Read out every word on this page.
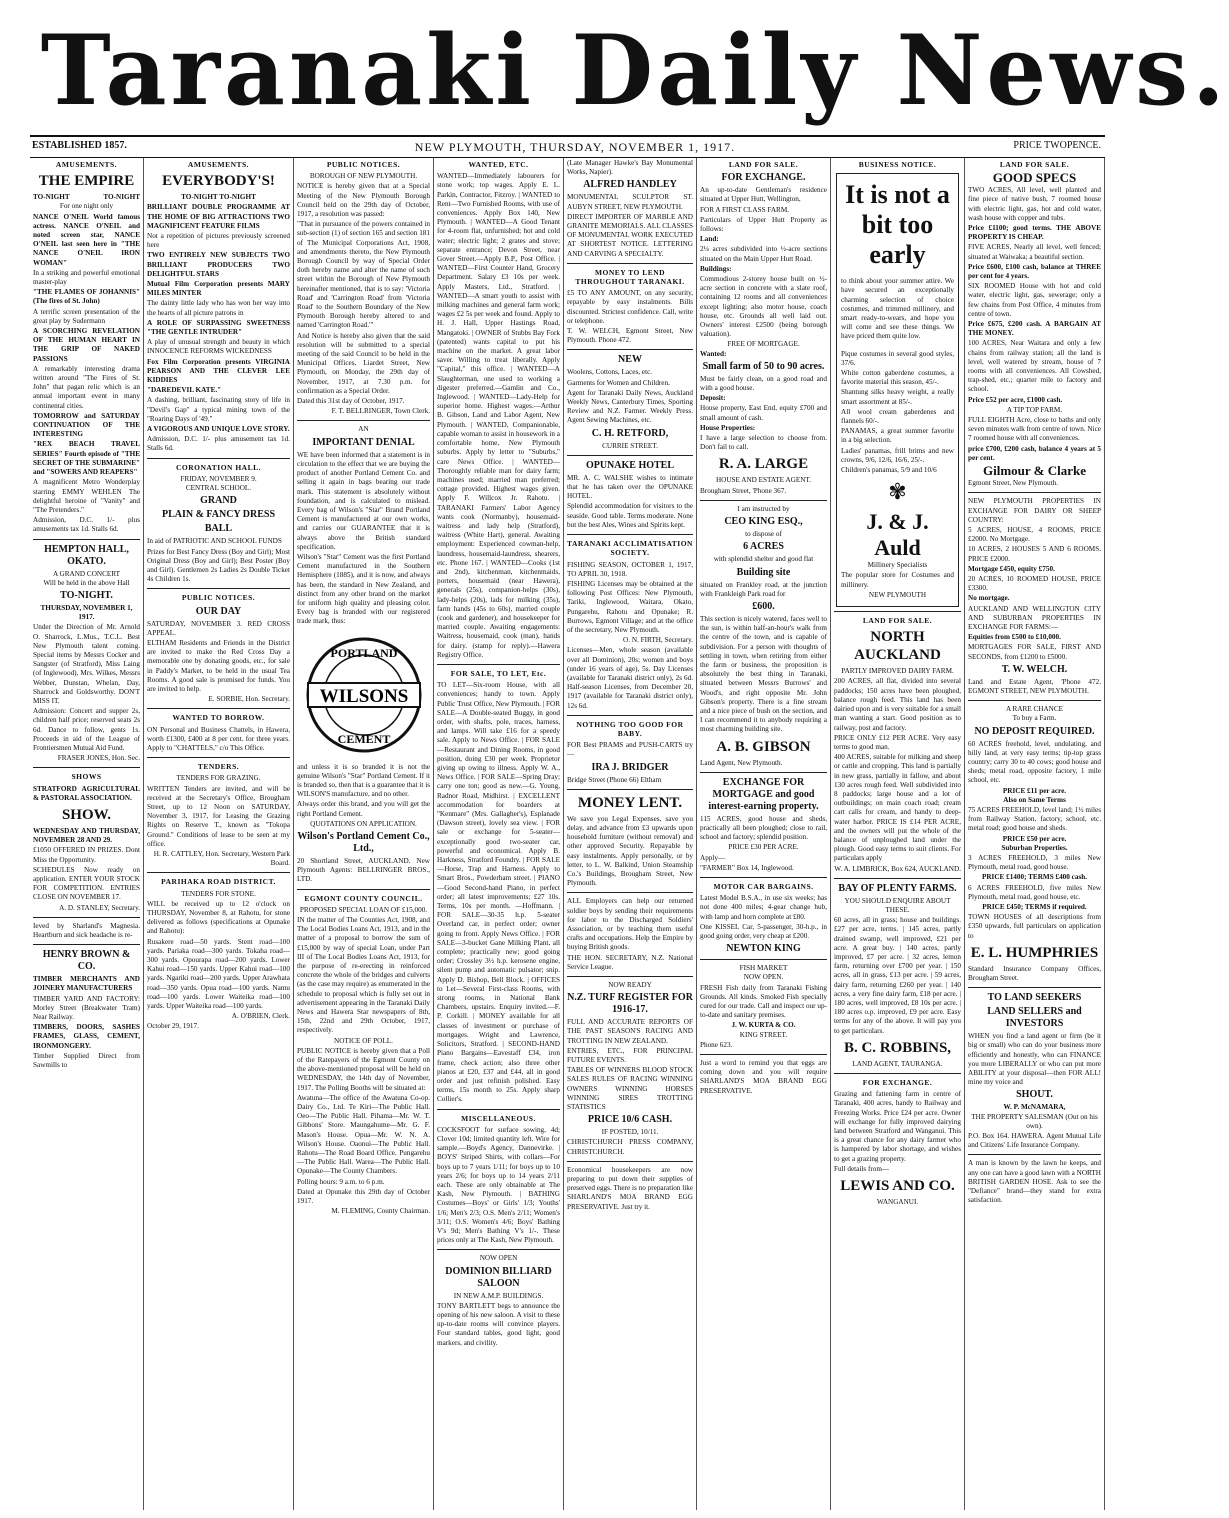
Taranaki Daily News.
ESTABLISHED 1857.	NEW PLYMOUTH, THURSDAY, NOVEMBER 1, 1917.	PRICE TWOPENCE.
AMUSEMENTS.
THE EMPIRE
TO-NIGHT	TO-NIGHT
For one night only
NANCE O'NEIL World famous actress. NANCE O'NEIL and noted screen star, NANCE O'NEIL last seen here in "THE NANCE O'NEIL IRON WOMAN"
In a striking and powerful emotional master-play
"THE FLAMES OF JOHANNIS" (The fires of St. John)
A terrific screen presentation of the great play by Sudermann
A SCORCHING REVELATION OF THE HUMAN HEART IN THE GRIP OF NAKED PASSIONS
A remarkably interesting drama written around "The Fires of St. John" that pagan relic which is an annual important event in many continental cities.
TOMORROW and SATURDAY CONTINUATION OF THE INTERESTING
"REX BEACH TRAVEL SERIES" Fourth episode of "THE SECRET OF THE SUBMARINE" and "SOWERS AND REAPERS"
A magnificent Metro Wonderplay starring EMMY WEHLEN The delightful heroine of "Vanity" and "The Pretenders."
Admission, D.C. 1/- plus amusements tax 1d. Stalls 6d.
HEMPTON HALL, OKATO.
A GRAND CONCERT
Will be held in the above Hall
TO-NIGHT.
THURSDAY, NOVEMBER 1, 1917.
Under the Direction of Mr. Arnold O. Sharrock, L.Mus., T.C.L. Best New Plymouth talent coming. Special items by Messrs Cocker and Sangster (of Stratford), Miss Laing (of Inglewood), Mrs. Wilkes, Messrs Webber, Dunstan, Whelan, Day, Sharrock and Goldsworthy. DON'T MISS IT.
Admission: Concert and supper 2s, children half price; reserved seats 2s 6d. Dance to follow, gents 1s. Proceeds in aid of the League of Frontiersmen Mutual Aid Fund.
FRASER JONES, Hon. Sec.
SHOWS
STRATFORD AGRICULTURAL & PASTORAL ASSOCIATION.
SHOW.
WEDNESDAY AND THURSDAY, NOVEMBER 28 AND 29.
£1050 OFFERED IN PRIZES. Dont Miss the Opportunity.
SCHEDULES Now ready on application. ENTER YOUR STOCK FOR COMPETITION. ENTRIES CLOSE ON NOVEMBER 17.
A. D. STANLEY, Secretary.
Ieved by Sharland's Magnesia. Heartburn and sick headache is re-
HENRY BROWN & CO.
TIMBER MERCHANTS AND JOINERY MANUFACTURERS
TIMBER YARD AND FACTORY: Morley Street (Breakwater Tram) Near Railway.
TIMBERS, DOORS, SASHES FRAMES, GLASS, CEMENT, IRONMONGERY.
Timber Supplied Direct from Sawmills to
AMUSEMENTS.
EVERYBODY'S!
TO-NIGHT TO-NIGHT
BRILLIANT DOUBLE PROGRAMME AT THE HOME OF BIG ATTRACTIONS TWO MAGNIFICENT FEATURE FILMS
Not a repetition of pictures previously screened here
TWO ENTIRELY NEW SUBJECTS TWO BRILLIANT PRODUCERS TWO DELIGHTFUL STARS
Mutual Film Corporation presents MARY MILES MINTER
The dainty little lady who has won her way into the hearts of all picture patrons in
A ROLE OF SURPASSING SWEETNESS "THE GENTLE INTRUDER"
A play of unusual strength and beauty in which INNOCENCE REFORMS WICKEDNESS
Fox Film Corporation presents VIRGINIA PEARSON AND THE CLEVER LEE KIDDIES
"DAREDEVIL KATE."
A dashing, brilliant, fascinating story of life in "Devil's Gap" a typical mining town of the "Roaring Days of '49."
A VIGOROUS AND UNIQUE LOVE STORY.
Admission, D.C. 1/- plus amusement tax 1d. Stalls 6d.
CORONATION HALL.
FRIDAY, NOVEMBER 9.
CENTRAL SCHOOL.
GRAND
PLAIN & FANCY DRESS
BALL
In aid of PATRIOTIC AND SCHOOL FUNDS
Prizes for Best Fancy Dress (Boy and Girl); Most Original Dress (Boy and Girl); Best Poster (Boy and Girl). Gentlemen 2s Ladies 2s Double Ticket 4s Children 1s.
PUBLIC NOTICES.
OUR DAY
SATURDAY, NOVEMBER 3. RED CROSS APPEAL.
ELTHAM Residents and Friends in the District are invited to make the Red Cross Day a memorable one by donating goods, etc., for sale in Paddy's Market, to be held in the usual Tea Rooms. A good sale is promised for funds. You are invited to help.
E. SORBIE, Hon. Secretary.
WANTED TO BORROW.
ON Personal and Business Chattels, in Hawera, worth £1300, £400 at 8 per cent. for three years. Apply to "CHATTELS," c/o This Office.
TENDERS.
TENDERS FOR GRAZING.
WRITTEN Tenders are invited, and will be received at the Secretary's Office, Brougham Street, up to 12 Noon on SATURDAY, November 3, 1917, for Leasing the Grazing Rights on Reserve T., known as "Tokopa Ground." Conditions of lease to be seen at my office.
H. R. CATTLEY, Hon. Secretary, Western Park Board.
PARIHAKA ROAD DISTRICT.
TENDERS FOR STONE.
WILL be received up to 12 o'clock on THURSDAY, November 8, at Rahotu, for stone delivered as follows (specifications at Opunake and Rahotu):
Rusakere road—50 yards. Stent road—100 yards. Pariaka road—300 yards. Tokaha road—300 yards. Opourapa road—200 yards. Lower Kahui road—150 yards. Upper Kahui road—100 yards. Ngariki road—200 yards. Upper Arawhata road—350 yards. Opua road—100 yards. Namu road—100 yards. Lower Waiteika road—100 yards. Upper Waiteika road—100 yards.
A. O'BRIEN, Clerk.
October 29, 1917.
PUBLIC NOTICES.
BOROUGH OF NEW PLYMOUTH.
NOTICE is hereby given that at a Special Meeting of the New Plymouth Borough Council held on the 29th day of October, 1917, a resolution was passed:
"That in pursuance of the powers contained in sub-section (1) of section 165 and section 181 of The Municipal Corporations Act, 1908, and amendments thereto, the New Plymouth Borough Council by way of Special Order doth hereby name and alter the name of such street within the Borough of New Plymouth hereinafter mentioned, that is to say: 'Victoria Road' and 'Carrington Road' from 'Victoria Road' to the Southern Boundary of the New Plymouth Borough hereby altered to and named 'Carrington Road.'"
And Notice is hereby also given that the said resolution will be submitted to a special meeting of the said Council to be held in the Municipal Offices, Liardet Street, New Plymouth, on Monday, the 29th day of November, 1917, at 7.30 p.m. for confirmation as a Special Order.
Dated this 31st day of October, 1917.
F. T. BELLRINGER, Town Clerk.
AN
IMPORTANT DENIAL
WE have been informed that a statement is in circulation to the effect that we are buying the product of another Portland Cement Co. and selling it again in bags bearing our trade mark. This statement is absolutely without foundation, and is calculated to mislead. Every bag of Wilson's "Star" Brand Portland Cement is manufactured at our own works, and carries our GUARANTEE that it is always above the British standard specification.
Wilson's "Star" Cement was the first Portland Cement manufactured in the Southern Hemisphere (1885), and it is now, and always has been, the standard in New Zealand, and distinct from any other brand on the market for uniform high quality and pleasing color. Every bag is branded with our registered trade mark, thus:
PORTLAND
WILSONS
CEMENT
and unless it is so branded it is not the genuine Wilson's "Star" Portland Cement. If it is branded so, then that is a guarantee that it is WILSON'S manufacture, and no other.
Always order this brand, and you will get the right Portland Cement.
QUOTATIONS ON APPLICATION.
Wilson's Portland Cement Co., Ltd.,
20 Shortland Street, AUCKLAND. New Plymouth Agents: BELLRINGER BROS., LTD.
EGMONT COUNTY COUNCIL.
PROPOSED SPECIAL LOAN OF £15,000.
IN the matter of The Counties Act, 1908, and The Local Bodies Loans Act, 1913, and in the matter of a proposal to borrow the sum of £15,000 by way of special Loan, under Part III of The Local Bodies Loans Act, 1913, for the purpose of re-erecting in reinforced concrete the whole of the bridges and culverts (as the case may require) as enumerated in the schedule to proposal which is fully set out in advertisement appearing in the Taranaki Daily News and Hawera Star newspapers of 8th, 15th, 22nd and 29th October, 1917, respectively.
NOTICE OF POLL.
PUBLIC NOTICE is hereby given that a Poll of the Ratepayers of the Egmont County on the above-mentioned proposal will be held on WEDNESDAY, the 14th day of November, 1917. The Polling Booths will be situated at:
Awatuna—The office of the Awatuna Co-op. Dairy Co., Ltd. Te Kiri—The Public Hall. Oeo—The Public Hall. Pihama—Mr. W. T. Gibbons' Store. Maungahume—Mr. G. F. Mason's House. Opua—Mr. W. N. A. Wilson's House. Oaonui—The Public Hall. Rahotu—The Road Board Office. Pungarehu—The Public Hall. Warea—The Public Hall. Opunake—The County Chambers.
Polling hours: 9 a.m. to 6 p.m.
Dated at Opunake this 29th day of October 1917.
M. FLEMING, County Chairman.
WANTED, ETC.
WANTED—Immediately labourers for stone work; top wages. Apply E. L. Parkin, Contractor, Fitzroy. | WANTED to Rent—Two Furnished Rooms, with use of conveniences. Apply Box 140, New Plymouth. | WANTED—A Good Tenant for 4-room flat, unfurnished; hot and cold water; electric light; 2 grates and stove; separate entrance; Devon Street, near Gover Street.—Apply B.P., Post Office. | WANTED—First Counter Hand, Grocery Department. Salary £3 10s per week. Apply Masters, Ltd., Stratford. | WANTED—A smart youth to assist with milking machines and general farm work; wages £2 5s per week and found. Apply to H. J. Hall, Upper Hastings Road, Mangatoki. | OWNER of Stubbs Bay Fork (patented) wants capital to put his machine on the market. A great labor saver. Willing to treat liberally. Apply "Capital," this office. | WANTED—A Slaughterman, one used to working a digester preferred.—Gamlin and Co., Inglewood. | WANTED—Lady-Help for superior home. Highest wages.—Arthur B. Gibson, Land and Labor Agent, New Plymouth. | WANTED, Companionable, capable woman to assist in housework in a comfortable home, New Plymouth suburbs. Apply by letter to "Suburbs," care News Office. | WANTED—Thoroughly reliable man for dairy farm; machines used; married man preferred; cottage provided. Highest wages given. Apply F. Willcox Jr. Rahotu. | TARANAKI Farmers' Labor Agency wants cook (Normanby), housemaid-waitress and lady help (Stratford), waitress (White Hart), general. Awaiting employment: Experienced cowman-help, laundress, housemaid-laundress, shearers, etc. Phone 167. | WANTED—Cooks (1st and 2nd), kitchenman, kitchenmaids, porters, housemaid (near Hawera), generals (25s), companion-helps (30s), lady-helps (20s), lads for milking (35s), farm hands (45s to 60s), married couple (cook and gardener), and housekeeper for married couple. Awaiting engagements: Waitress, housemaid, cook (man), hands for dairy. (stamp for reply).—Hawera Registry Office.
FOR SALE, TO LET, Etc.
TO LET—Six-room House, with all conveniences; handy to town. Apply Public Trust Office, New Plymouth. | FOR SALE—A Double-seated Buggy, in good order, with shafts, pole, traces, harness, and lamps. Will take £16 for a speedy sale. Apply to News Office. | FOR SALE—Restaurant and Dining Rooms, in good position, doing £30 per week. Proprietor giving up owing to illness. Apply W. A., News Office. | FOR SALE—Spring Dray; carry one ton; good as new.—G. Young, Radnor Road, Midhirst. | EXCELLENT accommodation for boarders at "Kenmare" (Mrs. Gallagher's), Esplanade (Dawson street), lovely sea view. | FOR sale or exchange for 5-seater—exceptionally good two-seater car, powerful and economical. Apply B. Harkness, Stratford Foundry. | FOR SALE—Horse, Trap and Harness. Apply to Smart Bros., Powderham street. | PIANO—Good Second-hand Piano, in perfect order; all latest improvements; £27 10s. Terms, 10s per month. —Hoffmann. | FOR SALE—30-35 h.p. 5-seater Overland car, in perfect order; owner going to front. Apply News Office. | FOR SALE—3-bucket Gane Milking Plant, all complete; practically new; good going order; Crossley 3½ h.p. kerosene engine, silent pump and automatic pulsator; snip. Apply D. Bishop, Bell Block. | OFFICES to Let—Several First-class Rooms, with strong rooms, in National Bank Chambers, upstairs. Enquiry invited.—F. P. Corkill. | MONEY available for all classes of investment or purchase of mortgages. Wright and Lawrence, Solicitors, Stratford. | SECOND-HAND Piano Bargains—Eavestaff £34, iron frame, check action; also three other pianos at £20, £37 and £44, all in good order and just refinish polished. Easy terms, 15s month to 25s. Apply sharp Collier's.
MISCELLANEOUS.
COCKSFOOT for surface sowing, 4d; Clover 10d; limited quantity left. Wire for sample.—Boyd's Agency, Dannevirke. | BOYS' Striped Shirts, with collars—For boys up to 7 years 1/11; for boys up to 10 years 2/6; for boys up to 14 years 2/11 each. These are only obtainable at The Kash, New Plymouth. | BATHING Costumes—Boys' or Girls' 1/3; Youths' 1/6; Men's 2/3; O.S. Men's 2/11; Women's 3/11; O.S. Women's 4/6; Boys' Bathing V's 9d; Men's Bathing V's 1/-. These prices only at The Kash, New Plymouth.
NOW OPEN
DOMINION BILLIARD SALOON
IN NEW A.M.P. BUILDINGS.
TONY BARTLETT begs to announce the opening of his new saloon. A visit to these up-to-date rooms will convince players. Four standard tables, good light, good markers, and civility.
(Late Manager Hawke's Bay Monumental Works, Napier).
ALFRED HANDLEY
MONUMENTAL SCULPTOR ST. AUBYN STREET, NEW PLYMOUTH.
DIRECT IMPORTER OF MARBLE AND GRANITE MEMORIALS. ALL CLASSES OF MONUMENTAL WORK EXECUTED AT SHORTEST NOTICE. LETTERING AND CARVING A SPECIALTY.
MONEY TO LEND THROUGHOUT TARANAKI.
£5 TO ANY AMOUNT, on any security, repayable by easy instalments. Bills discounted. Strictest confidence. Call, write or telephone.
T. W. WELCH, Egmont Street, New Plymouth. Phone 472.
NEW
Woolens, Cottons, Laces, etc.
Garments for Women and Children.
Agent for Taranaki Daily News, Auckland Weekly News, Canterbury Times, Sporting Review and N.Z. Farmer. Weekly Press. Agent Sewing Machines, etc.
C. H. RETFORD,
CURRIE STREET.
OPUNAKE HOTEL
MR. A. C. WALSHE wishes to intimate that he has taken over the OPUNAKE HOTEL.
Splendid accommodation for visitors to the seaside. Good table. Terms moderate. None but the best Ales, Wines and Spirits kept.
TARANAKI ACCLIMATISATION SOCIETY.
FISHING SEASON, OCTOBER 1, 1917, TO APRIL 30, 1918.
FISHING Licenses may be obtained at the following Post Offices: New Plymouth, Tariki, Inglewood, Waitara, Okato, Pungarehu, Rahotu and Opunake; R. Burrows, Egmont Village; and at the office of the secretary, New Plymouth.
O. N. FIRTH, Secretary.
Licenses—Men, whole season (available over all Dominion), 20s; women and boys (under 16 years of age), 5s. Day Licenses (available for Taranaki district only), 2s 6d. Half-season Licenses, from December 20, 1917 (available for Taranaki district only), 12s 6d.
NOTHING TOO GOOD FOR BABY.
FOR Best PRAMS and PUSH-CARTS try—
IRA J. BRIDGER
Bridge Street (Phone 66) Eltham
MONEY LENT.
We save you Legal Expenses, save you delay, and advance from £3 upwards upon household furniture (without removal) and other approved Security. Repayable by easy instalments. Apply personally, or by letter, to L. W. Balkind, Union Steamship Co.'s Buildings, Brougham Street, New Plymouth.
ALL Employers can help our returned soldier boys by sending their requirements for labor to the Discharged Soldiers' Association, or by teaching them useful crafts and occupations. Help the Empire by buying British goods.
THE HON. SECRETARY, N.Z. National Service League.
NOW READY
N.Z. TURF REGISTER FOR 1916-17.
FULL AND ACCURATE REPORTS OF THE PAST SEASON'S RACING AND TROTTING IN NEW ZEALAND.
ENTRIES, ETC., FOR PRINCIPAL FUTURE EVENTS.
TABLES OF WINNERS BLOOD STOCK SALES RULES OF RACING WINNING OWNERS WINNING HORSES WINNING SIRES TROTTING STATISTICS
PRICE 10/6 CASH.
IF POSTED, 10/11.
CHRISTCHURCH PRESS COMPANY, CHRISTCHURCH.
Economical housekeepers are now preparing to put down their supplies of preserved eggs. There is no preparation like SHARLAND'S MOA BRAND EGG PRESERVATIVE. Just try it.
LAND FOR SALE.
FOR EXCHANGE.
An up-to-date Gentleman's residence situated at Upper Hutt, Wellington,
FOR A FIRST CLASS FARM.
Particulars of Upper Hutt Property as follows:
Land:
2¼ acres subdivided into ½-acre sections situated on the Main Upper Hutt Road.
Buildings:
Commodious 2-storey house built on ½-acre section in concrete with a slate roof, containing 12 rooms and all conveniences except lighting; also motor house, coach house, etc. Grounds all well laid out. Owners' interest £2500 (being borough valuation).
FREE OF MORTGAGE.
Wanted:
Small farm of 50 to 90 acres.
Must be fairly clean, on a good road and with a good house.
Deposit:
House property, East End, equity £700 and small amount of cash.
House Properties:
I have a large selection to choose from. Don't fail to call.
R. A. LARGE
HOUSE AND ESTATE AGENT.
Brougham Street, 'Phone 367.
I am instructed by
CEO KING ESQ.,
to dispose of
6 ACRES
with splendid shelter and good flat
Building site
situated on Frankley road, at the junction with Frankleigh Park road for
£600.
This section is nicely watered, faces well to the sun, is within half-an-hour's walk from the centre of the town, and is capable of subdivision. For a person with thoughts of settling in town, when retiring from either the farm or business, the proposition is absolutely the best thing in Taranaki, situated between Messrs Burrows' and Wood's, and right opposite Mr. John Gibson's property. There is a fine stream and a nice piece of bush on the section, and I can recommend it to anybody requiring a most charming building site.
A. B. GIBSON
Land Agent, New Plymouth.
EXCHANGE FOR MORTGAGE and good interest-earning property.
115 ACRES, good house and sheds, practically all been ploughed; close to rail, school and factory; splendid position.
PRICE £30 PER ACRE.
Apply—
"FARMER" Box 14, Inglewood.
MOTOR CAR BARGAINS.
Latest Model B.S.A., in use six weeks; has not done 400 miles; 4-gear change hub, with lamp and horn complete at £80.
One KISSEL Car, 5-passenger, 30-h.p., in good going order, very cheap at £200.
NEWTON KING
FISH MARKET
NOW OPEN.
FRESH Fish daily from Taranaki Fishing Grounds. All kinds. Smoked Fish specially cured for our trade. Call and inspect our up-to-date and sanitary premises.
J. W. KURTA & CO.
KING STREET.
Phone 623.
Just a word to remind you that eggs are coming down and you will require SHARLAND'S MOA BRAND EGG PRESERVATIVE.
BUSINESS NOTICE.
It is not a bit too early
to think about your summer attire. We have secured an exceptionally charming selection of choice costumes, and trimmed millinery, and smart ready-to-wears, and hope you will come and see these things. We have priced them quite low.
Pique costumes in several good styles, 37/6.
White cotton gaberdene costumes, a favorite material this season, 45/-.
Shantung silks heavy weight, a really smart assortment at 85/-.
All wool cream gaberdenes and flannels 60/-.
PANAMAS, a great summer favorite in a big selection.
Ladies' panamas, frill brims and new crowns, 9/6, 12/6, 16/6, 25/-.
Children's panamas, 5/9 and 10/6
✾
J. & J. Auld
Millinery Specialists
The popular store for Costumes and millinery.
NEW PLYMOUTH
LAND FOR SALE.
NORTH AUCKLAND
PARTLY IMPROVED DAIRY FARM.
200 ACRES, all flat, divided into several paddocks; 150 acres have been ploughed, balance rough feed. This land has been dairied upon and is very suitable for a small man wanting a start. Good position as to railway, post and factory.
PRICE ONLY £12 PER ACRE. Very easy terms to good man.
400 ACRES, suitable for milking and sheep or cattle and cropping. This land is partially in new grass, partially in fallow, and about 130 acres rough feed. Well subdivided into 8 paddocks; large house and a lot of outbuildings; on main coach road; cream cart calls for cream, and handy to deep-water harbor. PRICE IS £14 PER ACRE, and the owners will put the whole of the balance of unploughed land under the plough. Good easy terms to suit clients. For particulars apply
W. A. LIMBRICK, Box 624, AUCKLAND.
BAY OF PLENTY FARMS.
YOU SHOULD ENQUIRE ABOUT THESE.
60 acres, all in grass; house and buildings. £27 per acre, terms. | 145 acres, partly drained swamp, well improved, £21 per acre. A great buy. | 140 acres, partly improved, £7 per acre. | 32 acres, lemon farm, returning over £700 per year. | 150 acres, all in grass, £13 per acre. | 59 acres, dairy farm, returning £260 per year. | 140 acres, a very fine dairy farm, £18 per acre. | 180 acres, well improved, £8 10s per acre. | 180 acres o.p. improved, £9 per acre. Easy terms for any of the above. It will pay you to get particulars.
B. C. ROBBINS,
LAND AGENT, TAURANGA.
FOR EXCHANGE.
Grazing and fattening farm in centre of Taranaki, 400 acres, handy to Railway and Freezing Works. Price £24 per acre. Owner will exchange for fully improved dairying land between Stratford and Wanganui. This is a great chance for any dairy farmer who is hampered by labor shortage, and wishes to get a grazing property.
Full details from—
LEWIS AND CO.
WANGANUI.
LAND FOR SALE.
GOOD SPECS
TWO ACRES, All level, well planted and fine piece of native bush, 7 roomed house with electric light, gas, hot and cold water, wash house with copper and tubs.
Price £1100; good terms. THE ABOVE PROPERTY IS CHEAP.
FIVE ACRES, Nearly all level, well fenced; situated at Waiwaka; a beautiful section.
Price £600, £100 cash, balance at THREE per cent for 4 years.
SIX ROOMED House with hot and cold water, electric light, gas, sewerage; only a few chains from Post Office, 4 minutes from centre of town.
Price £675, £200 cash. A BARGAIN AT THE MONEY.
100 ACRES, Near Waitara and only a few chains from railway station; all the land is level, well watered by stream, house of 7 rooms with all conveniences. All Cowshed, trap-shed, etc.; quarter mile to factory and school.
Price £52 per acre, £1000 cash.
A TIP TOP FARM.
FULL EIGHTH Acre, close to baths and only seven minutes walk from centre of town. Nice 7 roomed house with all conveniences.
price £700, £200 cash, balance 4 years at 5 per cent.
Gilmour & Clarke
Egmont Street, New Plymouth.
NEW PLYMOUTH PROPERTIES IN EXCHANGE FOR DAIRY OR SHEEP COUNTRY:
5 ACRES, HOUSE, 4 ROOMS, PRICE £2000. No Mortgage.
10 ACRES, 2 HOUSES 5 AND 6 ROOMS. PRICE £2000.
Mortgage £450, equity £750.
20 ACRES, 10 ROOMED HOUSE, PRICE £3300.
No mortgage.
AUCKLAND AND WELLINGTON CITY AND SUBURBAN PROPERTIES IN EXCHANGE FOR FARMS:—
Equities from £500 to £10,000.
MORTGAGES FOR SALE, FIRST AND SECONDS, from £1200 to £5000.
T. W. WELCH.
Land and Estate Agent, 'Phone 472. EGMONT STREET, NEW PLYMOUTH.
A RARE CHANCE
To buy a Farm.
NO DEPOSIT REQUIRED.
60 ACRES freehold, level, undulating, and hilly land, at very easy terms; tip-top grass country; carry 30 to 40 cows; good house and sheds; metal road, opposite factory, 1 mile school, etc.
PRICE £11 per acre.
Also on Same Terms
75 ACRES FREEHOLD, level land; 1½ miles from Railway Station, factory, school, etc. metal road; good house and sheds.
PRICE £50 per acre.
Suburban Properties.
3 ACRES FREEHOLD, 3 miles New Plymouth, metal road, good house.
PRICE £1400; TERMS £400 cash.
6 ACRES FREEHOLD, five miles New Plymouth, metal road, good house, etc.
PRICE £450; TERMS if required.
TOWN HOUSES of all descriptions from £350 upwards, full particulars on application to
E. L. HUMPHRIES
Standard Insurance Company Offices, Brougham Street.
TO LAND SEEKERS
LAND SELLERS and INVESTORS
WHEN you find a land agent or firm (be it big or small) who can do your business more efficiently and honestly, who can FINANCE you more LIBERALLY or who can put more ABILITY at your disposal—then FOR ALL! mine my voice and
SHOUT.
W. P. McNAMARA,
THE PROPERTY SALESMAN (Out on his own).
P.O. Box 164. HAWERA. Agent Mutual Life and Citizens' Life Insurance Company.
A man is known by the lawn he keeps, and any one can have a good lawn with a NORTH BRITISH GARDEN HOSE. Ask to see the "Defiance" brand—they stand for extra satisfaction.
